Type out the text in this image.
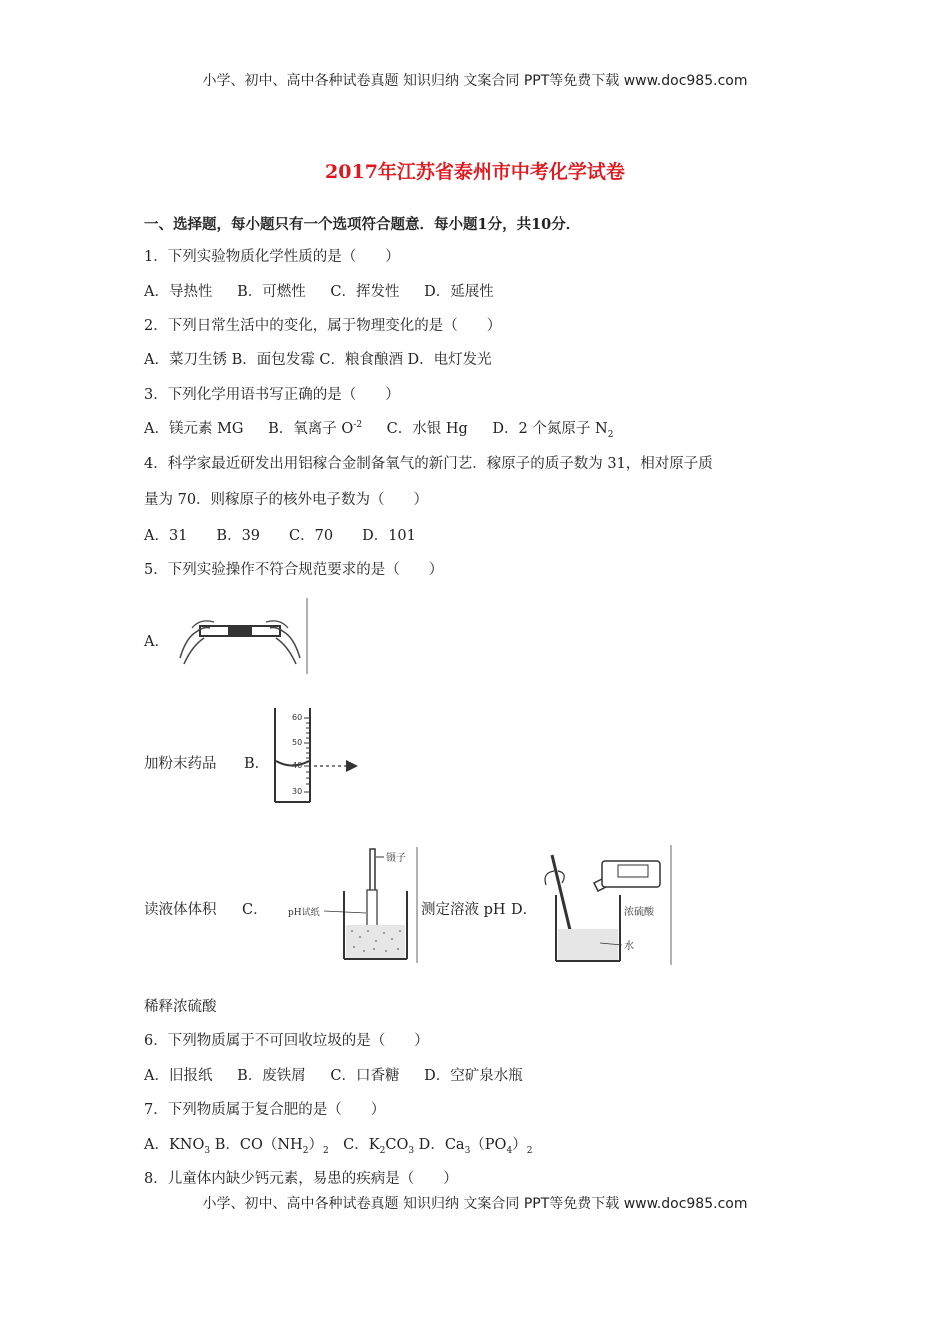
小学、初中、高中各种试卷真题 知识归纳 文案合同 PPT等免费下载 www.doc985.com
2017年江苏省泰州市中考化学试卷
一、选择题，每小题只有一个选项符合题意．每小题1分，共10分．
1．下列实验物质化学性质的是（　　）
A．导热性 B．可燃性 C．挥发性 D．延展性
2．下列日常生活中的变化，属于物理变化的是（　　）
A．菜刀生锈 B．面包发霉 C．粮食酿酒 D．电灯发光
3．下列化学用语书写正确的是（　　）
A．镁元素 MG B．氧离子 $O^{-2}$ C．水银 Hg D．2 个氮原子 $N_2$
4．科学家最近研发出用铝稼合金制备氧气的新门艺．稼原子的质子数为 31，相对原子质
量为 70．则稼原子的核外电子数为（　　）
A．31　　B．39　　C．70　　D．101
5．下列实验操作不符合规范要求的是（　　）
A．
加粉末药品 B．
60
50
40
30
读液体体积 C．
镊子
pH试纸	测定溶液 pH D．	浓硫酸
水
稀释浓硫酸
6．下列物质属于不可回收垃圾的是（　　）
A．旧报纸 B．废铁屑 C．口香糖 D．空矿泉水瓶
7．下列物质属于复合肥的是（　　）
A．$KNO_3$ B．$CO(NH_2)_2$　C．$K_2CO_3$ D．$Ca_3(PO_4)_2$
8．儿童体内缺少钙元素，易患的疾病是（　　）
小学、初中、高中各种试卷真题 知识归纳 文案合同 PPT等免费下载 www.doc985.com
